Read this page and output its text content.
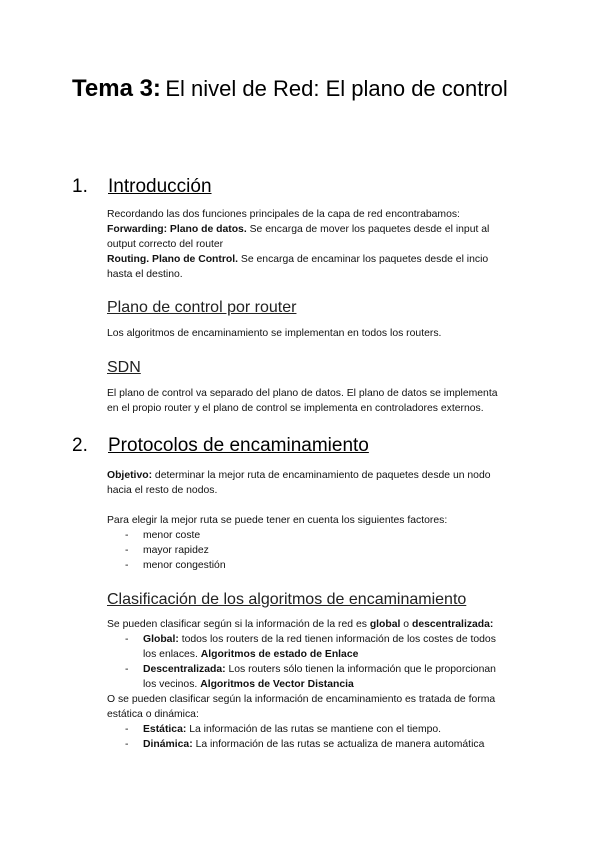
Tema 3: El nivel de Red: El plano de control
1. Introducción
Recordando las dos funciones principales de la capa de red encontrabamos:
Forwarding: Plano de datos. Se encarga de mover los paquetes desde el input al
output correcto del router
Routing. Plano de Control. Se encarga de encaminar los paquetes desde el incio
hasta el destino.
Plano de control por router
Los algoritmos de encaminamiento se implementan en todos los routers.
SDN
El plano de control va separado del plano de datos. El plano de datos se implementa
en el propio router y el plano de control se implementa en controladores externos.
2. Protocolos de encaminamiento
Objetivo: determinar la mejor ruta de encaminamiento de paquetes desde un nodo
hacia el resto de nodos.
Para elegir la mejor ruta se puede tener en cuenta los siguientes factores:
- menor coste
- mayor rapidez
- menor congestión
Clasificación de los algoritmos de encaminamiento
Se pueden clasificar según si la información de la red es global o descentralizada:
- Global: todos los routers de la red tienen información de los costes de todos
los enlaces. Algoritmos de estado de Enlace
- Descentralizada: Los routers sólo tienen la información que le proporcionan
los vecinos. Algoritmos de Vector Distancia
O se pueden clasificar según la información de encaminamiento es tratada de forma
estática o dinámica:
- Estática: La información de las rutas se mantiene con el tiempo.
- Dinámica: La información de las rutas se actualiza de manera automática
